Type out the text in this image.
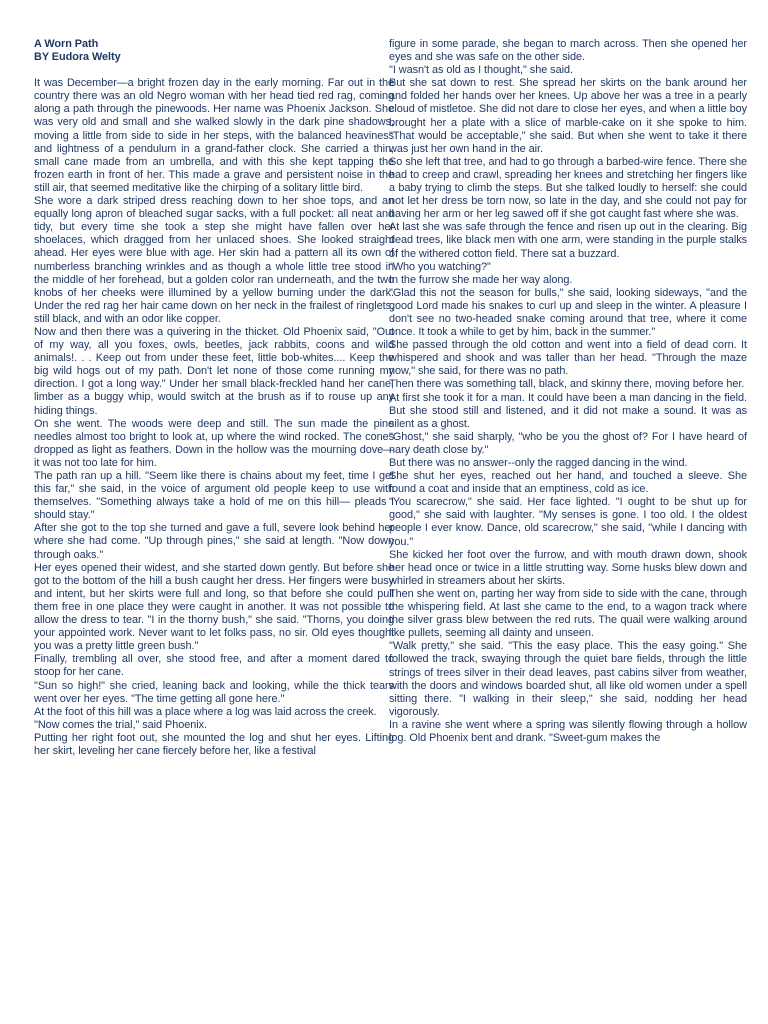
A Worn Path

BY Eudora Welty

It was December—a bright frozen day in the early morning. Far out in the country there was an old Negro woman with her head tied red rag, coming along a path through the pinewoods. Her name was Phoenix Jackson. She was very old and small and she walked slowly in the dark pine shadows, moving a little from side to side in her steps, with the balanced heaviness and lightness of a pendulum in a grand-father clock. She carried a thin, small cane made from an umbrella, and with this she kept tapping the frozen earth in front of her. This made a grave and persistent noise in the still air, that seemed meditative like the chirping of a solitary little bird.

She wore a dark striped dress reaching down to her shoe tops, and an equally long apron of bleached sugar sacks, with a full pocket: all neat and tidy, but every time she took a step she might have fallen over her shoelaces, which dragged from her unlaced shoes. She looked straight ahead. Her eyes were blue with age. Her skin had a pattern all its own of numberless branching wrinkles and as though a whole little tree stood in the middle of her forehead, but a golden color ran underneath, and the two knobs of her cheeks were illumined by a yellow burning under the dark. Under the red rag her hair came down on her neck in the frailest of ringlets, still black, and with an odor like copper.

Now and then there was a quivering in the thicket. Old Phoenix said, "Out of my way, all you foxes, owls, beetles, jack rabbits, coons and wild animals!. . . Keep out from under these feet, little bob-whites.... Keep the big wild hogs out of my path. Don't let none of those come running my direction. I got a long way." Under her small black-freckled hand her cane, limber as a buggy whip, would switch at the brush as if to rouse up any hiding things.

On she went. The woods were deep and still. The sun made the pine needles almost too bright to look at, up where the wind rocked. The cones dropped as light as feathers. Down in the hollow was the mourning dove—it was not too late for him.

The path ran up a hill. "Seem like there is chains about my feet, time I get this far," she said, in the voice of argument old people keep to use with themselves. "Something always take a hold of me on this hill— pleads I should stay."

After she got to the top she turned and gave a full, severe look behind her where she had come. "Up through pines," she said at length. "Now down through oaks."

Her eyes opened their widest, and she started down gently. But before she got to the bottom of the hill a bush caught her dress. Her fingers were busy and intent, but her skirts were full and long, so that before she could pull them free in one place they were caught in another. It was not possible to allow the dress to tear. "I in the thorny bush," she said. "Thorns, you doing your appointed work. Never want to let folks pass, no sir. Old eyes thought you was a pretty little green bush."

Finally, trembling all over, she stood free, and after a moment dared to stoop for her cane.

"Sun so high!" she cried, leaning back and looking, while the thick tears went over her eyes. "The time getting all gone here."

At the foot of this hill was a place where a log was laid across the creek.

"Now comes the trial," said Phoenix.

Putting her right foot out, she mounted the log and shut her eyes. Lifting her skirt, leveling her cane fiercely before her, like a festival

figure in some parade, she began to march across. Then she opened her eyes and she was safe on the other side.

"I wasn't as old as I thought," she said.

But she sat down to rest. She spread her skirts on the bank around her and folded her hands over her knees. Up above her was a tree in a pearly cloud of mistletoe. She did not dare to close her eyes, and when a little boy brought her a plate with a slice of marble-cake on it she spoke to him. "That would be acceptable," she said. But when she went to take it there was just her own hand in the air.

So she left that tree, and had to go through a barbed-wire fence. There she had to creep and crawl, spreading her knees and stretching her fingers like a baby trying to climb the steps. But she talked loudly to herself: she could not let her dress be torn now, so late in the day, and she could not pay for having her arm or her leg sawed off if she got caught fast where she was.

At last she was safe through the fence and risen up out in the clearing. Big dead trees, like black men with one arm, were standing in the purple stalks of the withered cotton field. There sat a buzzard.

"Who you watching?"

In the furrow she made her way along.

"Glad this not the season for bulls," she said, looking sideways, "and the good Lord made his snakes to curl up and sleep in the winter. A pleasure I don't see no two-headed snake coming around that tree, where it come once. It took a while to get by him, back in the summer."

She passed through the old cotton and went into a field of dead corn. It whispered and shook and was taller than her head. "Through the maze now," she said, for there was no path.

Then there was something tall, black, and skinny there, moving before her.

At first she took it for a man. It could have been a man dancing in the field. But she stood still and listened, and it did not make a sound. It was as silent as a ghost.

"Ghost," she said sharply, "who be you the ghost of? For I have heard of nary death close by."

But there was no answer--only the ragged dancing in the wind.

She shut her eyes, reached out her hand, and touched a sleeve. She found a coat and inside that an emptiness, cold as ice.

"You scarecrow," she said. Her face lighted. "I ought to be shut up for good," she said with laughter. "My senses is gone. I too old. I the oldest people I ever know. Dance, old scarecrow," she said, "while I dancing with you."

She kicked her foot over the furrow, and with mouth drawn down, shook her head once or twice in a little strutting way. Some husks blew down and whirled in streamers about her skirts.

Then she went on, parting her way from side to side with the cane, through the whispering field. At last she came to the end, to a wagon track where the silver grass blew between the red ruts. The quail were walking around like pullets, seeming all dainty and unseen.

"Walk pretty," she said. "This the easy place. This the easy going." She followed the track, swaying through the quiet bare fields, through the little strings of trees silver in their dead leaves, past cabins silver from weather, with the doors and windows boarded shut, all like old women under a spell sitting there. "I walking in their sleep," she said, nodding her head vigorously.

In a ravine she went where a spring was silently flowing through a hollow log. Old Phoenix bent and drank. "Sweet-gum makes the
